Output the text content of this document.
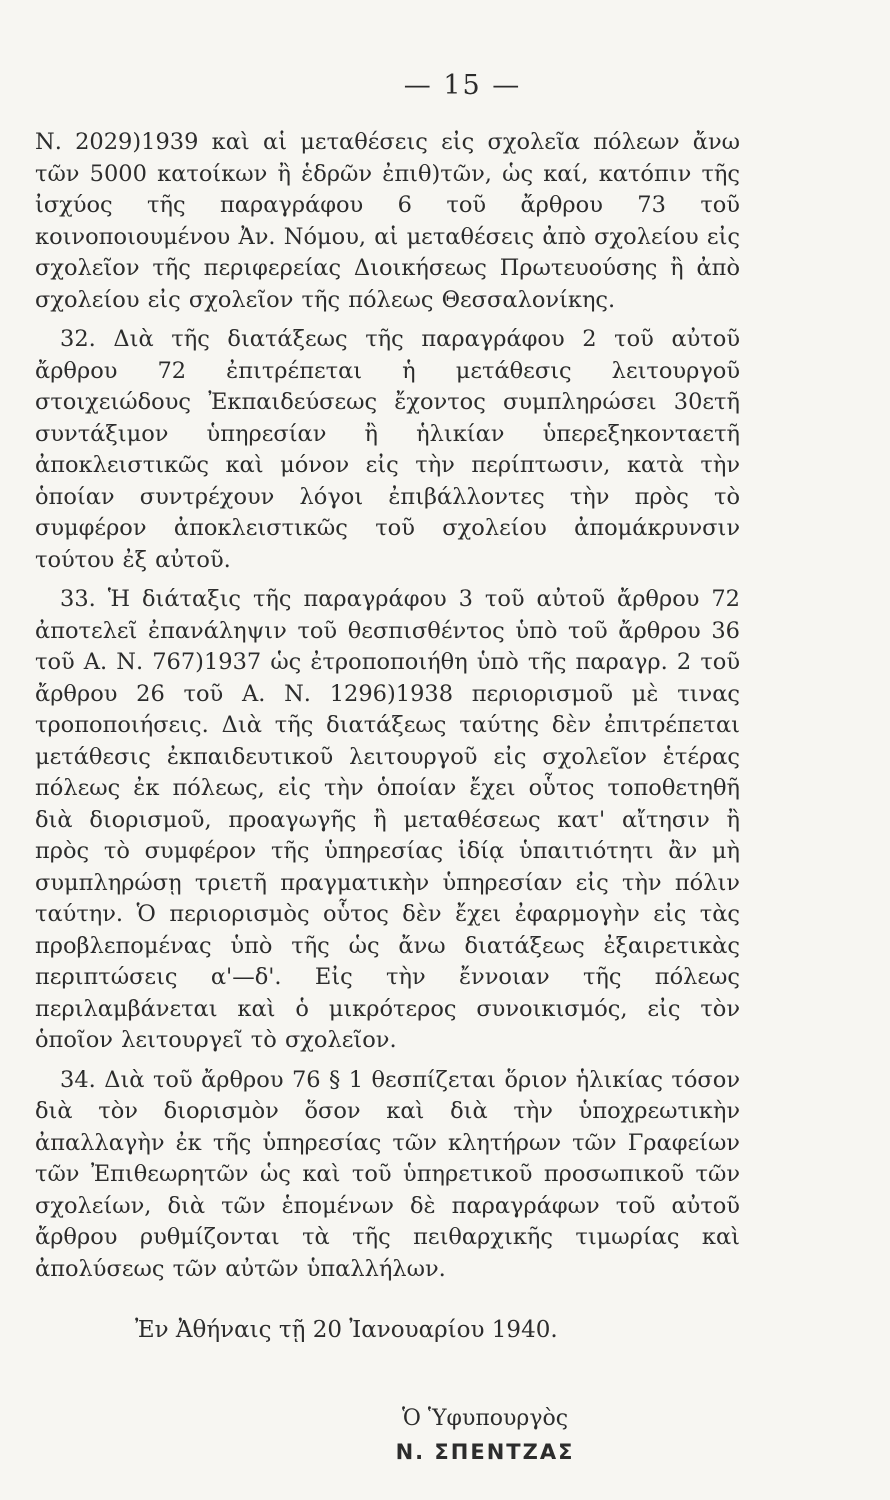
— 15 —

Ν. 2029)1939 καὶ αἱ μεταθέσεις εἰς σχολεῖα πόλεων ἄνω τῶν 5000 κατοίκων ἢ ἑδρῶν ἐπιθ)τῶν, ὡς καί, κατόπιν τῆς ἰσχύος τῆς παραγράφου 6 τοῦ ἄρθρου 73 τοῦ κοινοποιουμένου Ἀν. Νόμου, αἱ μεταθέσεις ἀπὸ σχολείου εἰς σχολεῖον τῆς περιφερείας Διοικήσεως Πρωτευούσης ἢ ἀπὸ σχολείου εἰς σχολεῖον τῆς πόλεως Θεσσαλονίκης.

32. Διὰ τῆς διατάξεως τῆς παραγράφου 2 τοῦ αὐτοῦ ἄρθρου 72 ἐπιτρέπεται ἡ μετάθεσις λειτουργοῦ στοιχειώδους Ἐκπαιδεύσεως ἔχοντος συμπληρώσει 30ετῆ συντάξιμον ὑπηρεσίαν ἢ ἡλικίαν ὑπερεξηκονταετῆ ἀποκλειστικῶς καὶ μόνον εἰς τὴν περίπτωσιν, κατὰ τὴν ὁποίαν συντρέχουν λόγοι ἐπιβάλλοντες τὴν πρὸς τὸ συμφέρον ἀποκλειστικῶς τοῦ σχολείου ἀπομάκρυνσιν τούτου ἐξ αὐτοῦ.

33. Ἡ διάταξις τῆς παραγράφου 3 τοῦ αὐτοῦ ἄρθρου 72 ἀποτελεῖ ἐπανάληψιν τοῦ θεσπισθέντος ὑπὸ τοῦ ἄρθρου 36 τοῦ Α. Ν. 767)1937 ὡς ἐτροποποιήθη ὑπὸ τῆς παραγρ. 2 τοῦ ἄρθρου 26 τοῦ Α. Ν. 1296)1938 περιορισμοῦ μὲ τινας τροποποιήσεις. Διὰ τῆς διατάξεως ταύτης δὲν ἐπιτρέπεται μετάθεσις ἐκπαιδευτικοῦ λειτουργοῦ εἰς σχολεῖον ἑτέρας πόλεως ἐκ πόλεως, εἰς τὴν ὁποίαν ἔχει οὗτος τοποθετηθῆ διὰ διορισμοῦ, προαγωγῆς ἢ μεταθέσεως κατ' αἴτησιν ἢ πρὸς τὸ συμφέρον τῆς ὑπηρεσίας ἰδίᾳ ὑπαιτιότητι ἂν μὴ συμπληρώσῃ τριετῆ πραγματικὴν ὑπηρεσίαν εἰς τὴν πόλιν ταύτην. Ὁ περιορισμὸς οὗτος δὲν ἔχει ἐφαρμογὴν εἰς τὰς προβλεπομένας ὑπὸ τῆς ὡς ἄνω διατάξεως ἐξαιρετικὰς περιπτώσεις α'—δ'. Εἰς τὴν ἔννοιαν τῆς πόλεως περιλαμβάνεται καὶ ὁ μικρότερος συνοικισμός, εἰς τὸν ὁποῖον λειτουργεῖ τὸ σχολεῖον.

34. Διὰ τοῦ ἄρθρου 76 § 1 θεσπίζεται ὅριον ἡλικίας τόσον διὰ τὸν διορισμὸν ὅσον καὶ διὰ τὴν ὑποχρεωτικὴν ἀπαλλαγὴν ἐκ τῆς ὑπηρεσίας τῶν κλητήρων τῶν Γραφείων τῶν Ἐπιθεωρητῶν ὡς καὶ τοῦ ὑπηρετικοῦ προσωπικοῦ τῶν σχολείων, διὰ τῶν ἑπομένων δὲ παραγράφων τοῦ αὐτοῦ ἄρθρου ρυθμίζονται τὰ τῆς πειθαρχικῆς τιμωρίας καὶ ἀπολύσεως τῶν αὐτῶν ὑπαλλήλων.

Ἐν Ἀθήναις τῇ 20 Ἰανουαρίου 1940.
Ὁ Ὑφυπουργὸς
Ν. ΣΠΕΝΤΖΑΣ
